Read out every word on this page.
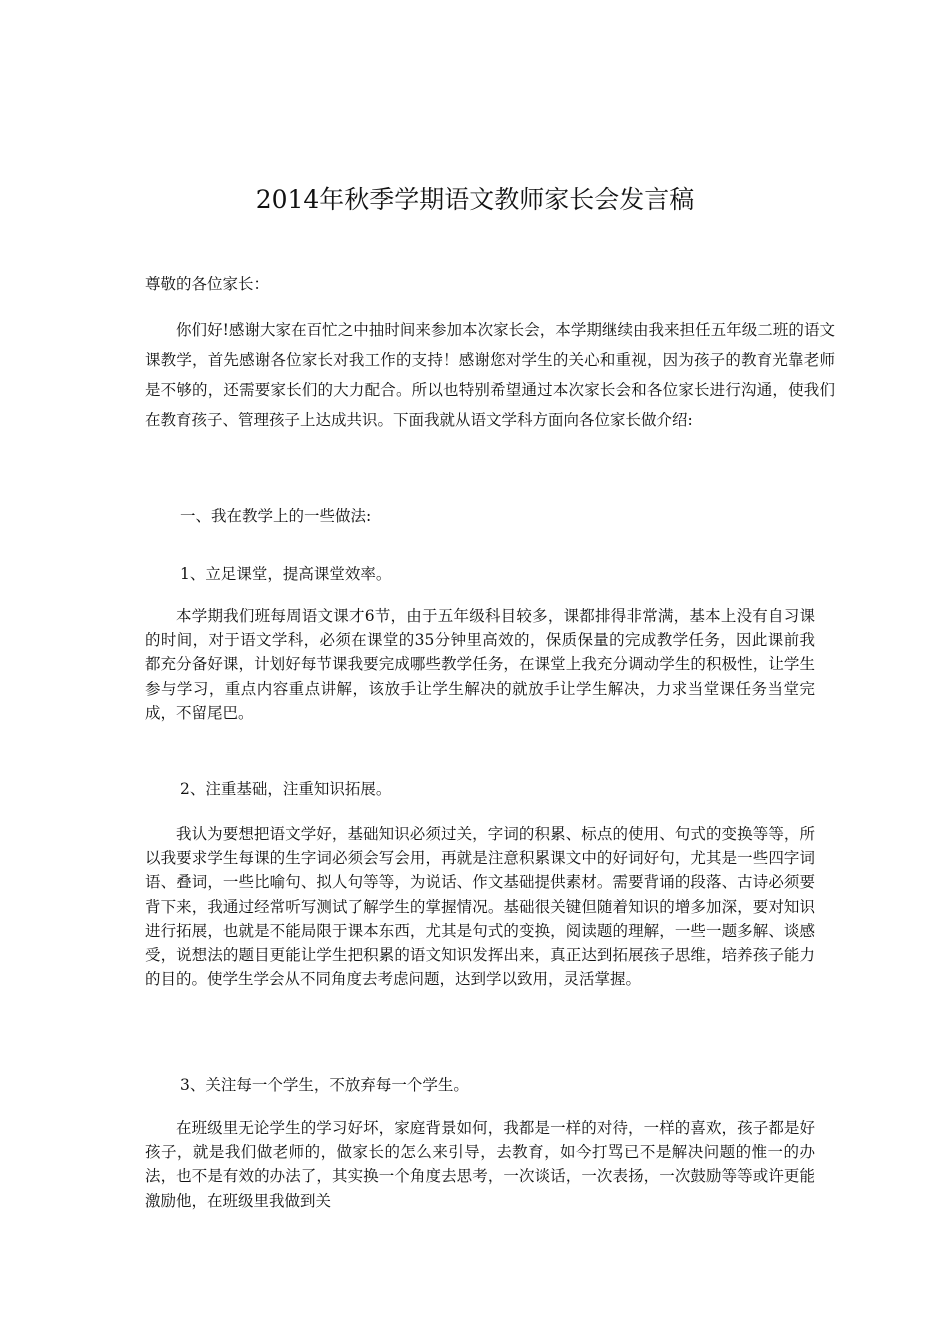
2014年秋季学期语文教师家长会发言稿

尊敬的各位家长：

你们好!感谢大家在百忙之中抽时间来参加本次家长会，本学期继续由我来担任五年级二班的语文课教学，首先感谢各位家长对我工作的支持！感谢您对学生的关心和重视，因为孩子的教育光靠老师是不够的，还需要家长们的大力配合。所以也特别希望通过本次家长会和各位家长进行沟通，使我们在教育孩子、管理孩子上达成共识。下面我就从语文学科方面向各位家长做介绍:

一、我在教学上的一些做法:

1、立足课堂，提高课堂效率。

本学期我们班每周语文课才6节，由于五年级科目较多，课都排得非常满，基本上没有自习课的时间，对于语文学科，必须在课堂的35分钟里高效的，保质保量的完成教学任务，因此课前我都充分备好课，计划好每节课我要完成哪些教学任务，在课堂上我充分调动学生的积极性，让学生参与学习，重点内容重点讲解，该放手让学生解决的就放手让学生解决，力求当堂课任务当堂完成，不留尾巴。

2、注重基础，注重知识拓展。

我认为要想把语文学好，基础知识必须过关，字词的积累、标点的使用、句式的变换等等，所以我要求学生每课的生字词必须会写会用，再就是注意积累课文中的好词好句，尤其是一些四字词语、叠词，一些比喻句、拟人句等等，为说话、作文基础提供素材。需要背诵的段落、古诗必须要背下来，我通过经常听写测试了解学生的掌握情况。基础很关键但随着知识的增多加深，要对知识进行拓展，也就是不能局限于课本东西，尤其是句式的变换，阅读题的理解，一些一题多解、谈感受，说想法的题目更能让学生把积累的语文知识发挥出来，真正达到拓展孩子思维，培养孩子能力的目的。使学生学会从不同角度去考虑问题，达到学以致用，灵活掌握。

3、关注每一个学生，不放弃每一个学生。

在班级里无论学生的学习好坏，家庭背景如何，我都是一样的对待，一样的喜欢，孩子都是好孩子，就是我们做老师的，做家长的怎么来引导，去教育，如今打骂已不是解决问题的惟一的办法，也不是有效的办法了，其实换一个角度去思考，一次谈话，一次表扬，一次鼓励等等或许更能激励他，在班级里我做到关
